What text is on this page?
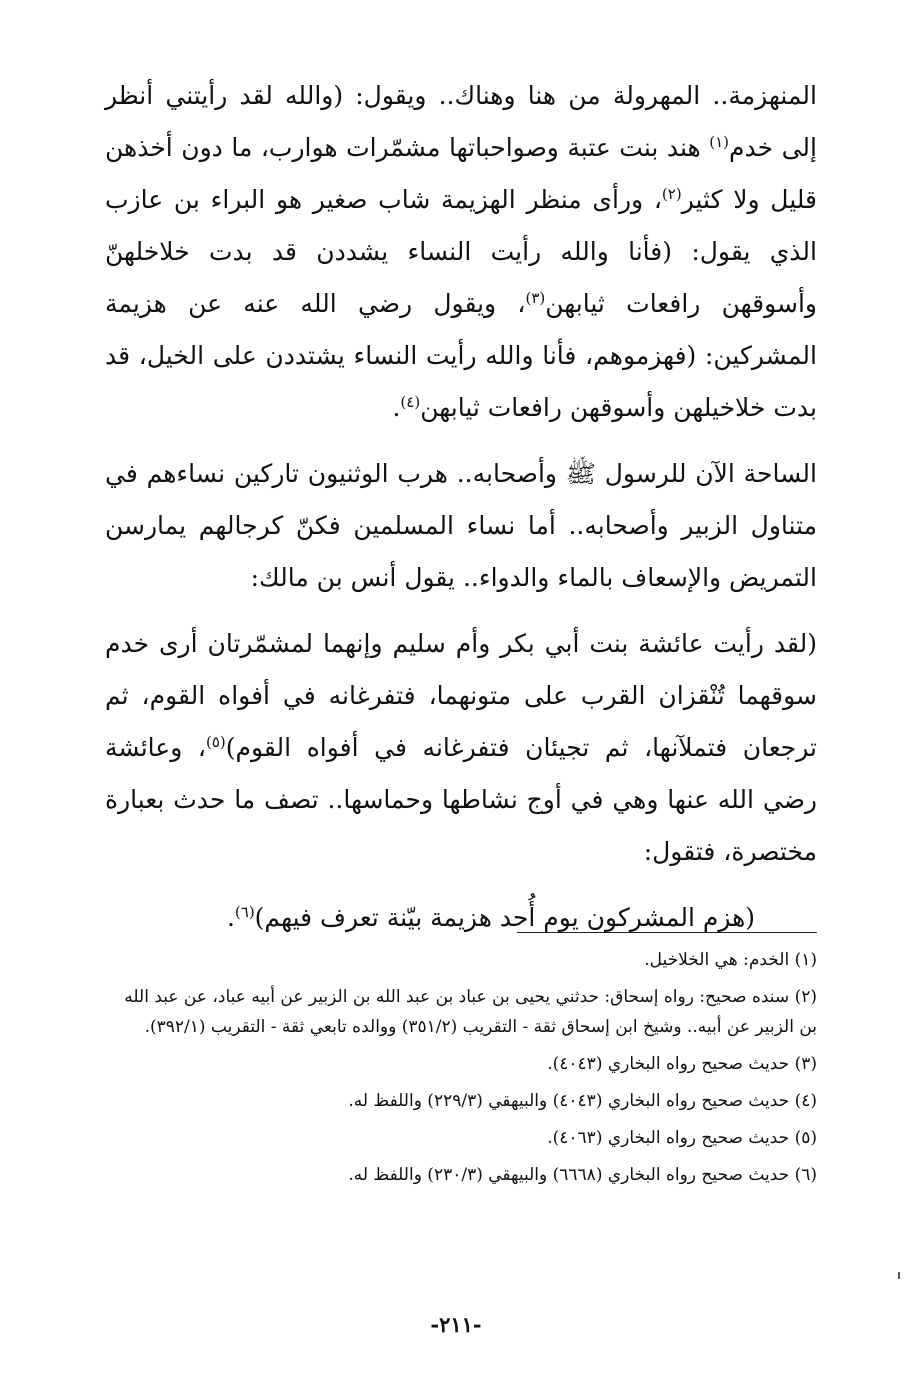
المنهزمة.. المهرولة من هنا وهناك.. ويقول: (والله لقد رأيتني أنظر إلى خدم$^{(١)}$ هند بنت عتبة وصواحباتها مشمّرات هوارب، ما دون أخذهن قليل ولا كثير$^{(٢)}$، ورأى منظر الهزيمة شاب صغير هو البراء بن عازب الذي يقول: (فأنا والله رأيت النساء يشددن قد بدت خلاخلهنّ وأسوقهن رافعات ثيابهن$^{(٣)}$، ويقول رضي الله عنه عن هزيمة المشركين: (فهزموهم، فأنا والله رأيت النساء يشتددن على الخيل، قد بدت خلاخيلهن وأسوقهن رافعات ثيابهن$^{(٤)}$.

الساحة الآن للرسول ﷺ وأصحابه.. هرب الوثنيون تاركين نساءهم في متناول الزبير وأصحابه.. أما نساء المسلمين فكنّ كرجالهم يمارسن التمريض والإسعاف بالماء والدواء.. يقول أنس بن مالك:

(لقد رأيت عائشة بنت أبي بكر وأم سليم وإنهما لمشمّرتان أرى خدم سوقهما تُنْقزان القرب على متونهما، فتفرغانه في أفواه القوم، ثم ترجعان فتملآنها، ثم تجيئان فتفرغانه في أفواه القوم)$^{(٥)}$، وعائشة رضي الله عنها وهي في أوج نشاطها وحماسها.. تصف ما حدث بعبارة مختصرة، فتقول:

(هزم المشركون يوم أُحد هزيمة بيّنة تعرف فيهم)$^{(٦)}$.

(١) الخدم: هي الخلاخيل.
(٢) سنده صحيح: رواه إسحاق: حدثني يحيى بن عباد بن عبد الله بن الزبير عن أبيه عباد، عن عبد الله بن الزبير عن أبيه.. وشيخ ابن إسحاق ثقة - التقريب (٣٥١/٢) ووالده تابعي ثقة - التقريب (٣٩٢/١).
(٣) حديث صحيح رواه البخاري (٤٠٤٣).
(٤) حديث صحيح رواه البخاري (٤٠٤٣) والبيهقي (٢٢٩/٣) واللفظ له.
(٥) حديث صحيح رواه البخاري (٤٠٦٣).
(٦) حديث صحيح رواه البخاري (٦٦٦٨) والبيهقي (٢٣٠/٣) واللفظ له.
-٢١١-
